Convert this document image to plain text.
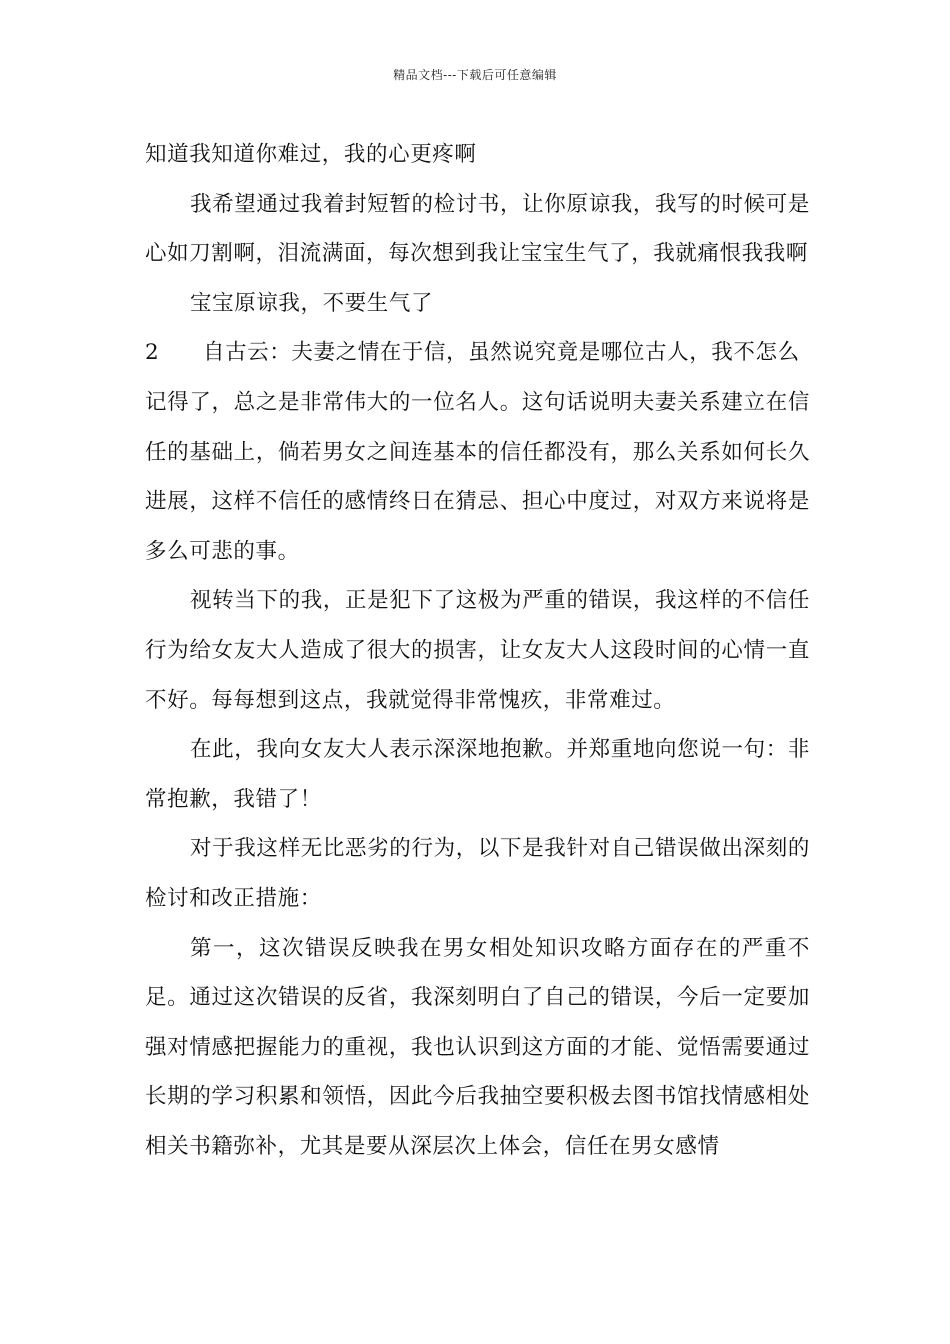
精品文档---下载后可任意编辑

知道我知道你难过，我的心更疼啊

我希望通过我着封短暂的检讨书，让你原谅我，我写的时候可是心如刀割啊，泪流满面，每次想到我让宝宝生气了，我就痛恨我我啊

宝宝原谅我，不要生气了

2	自古云：夫妻之情在于信，虽然说究竟是哪位古人，我不怎么

记得了，总之是非常伟大的一位名人。这句话说明夫妻关系建立在信任的基础上，倘若男女之间连基本的信任都没有，那么关系如何长久进展，这样不信任的感情终日在猜忌、担心中度过，对双方来说将是多么可悲的事。

视转当下的我，正是犯下了这极为严重的错误，我这样的不信任行为给女友大人造成了很大的损害，让女友大人这段时间的心情一直不好。每每想到这点，我就觉得非常愧疚，非常难过。

在此，我向女友大人表示深深地抱歉。并郑重地向您说一句：非常抱歉，我错了！

对于我这样无比恶劣的行为，以下是我针对自己错误做出深刻的检讨和改正措施：

第一，这次错误反映我在男女相处知识攻略方面存在的严重不足。通过这次错误的反省，我深刻明白了自己的错误，今后一定要加强对情感把握能力的重视，我也认识到这方面的才能、觉悟需要通过长期的学习积累和领悟，因此今后我抽空要积极去图书馆找情感相处相关书籍弥补，尤其是要从深层次上体会，信任在男女感情
